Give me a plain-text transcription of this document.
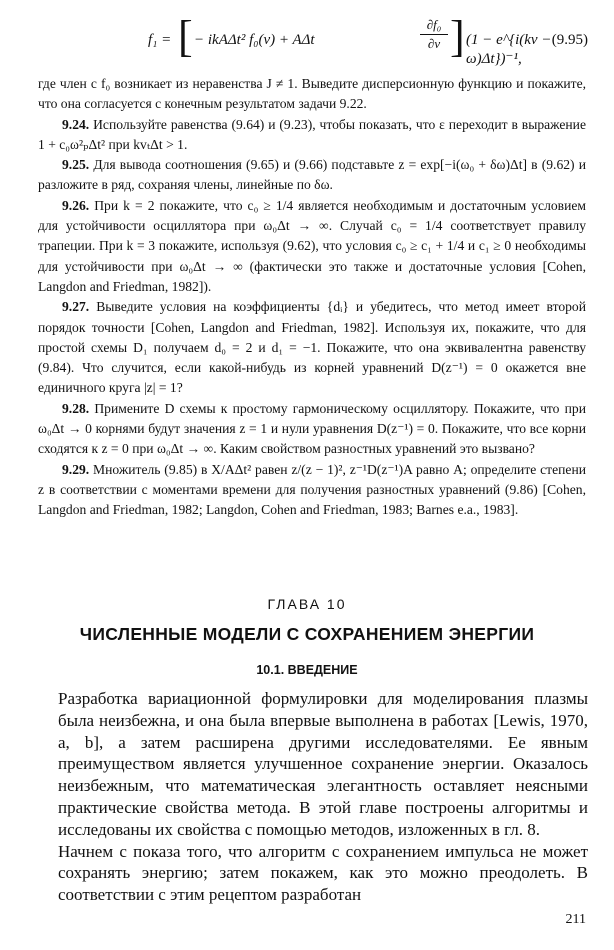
f₁ = [ − ikAΔt² f₀(v) + AΔt	$\frac{\text{∂f₀}}{\partial v}$ ] (1 − e^{i(kv − ω)Δt})⁻¹,
(9.95)

где член с f₀ возникает из неравенства J ≠ 1. Выведите дисперсионную функцию и покажите, что она согласуется с конечным результатом задачи 9.22.

9.24. Используйте равенства (9.64) и (9.23), чтобы показать, что ε переходит в выражение 1 + c₀ω²ₚΔt² при kvₜΔt > 1.

9.25. Для вывода соотношения (9.65) и (9.66) подставьте z = exp[−i(ω₀ + δω)Δt] в (9.62) и разложите в ряд, сохраняя члены, линейные по δω.

9.26. При k = 2 покажите, что c₀ ≥ 1/4 является необходимым и достаточным условием для устойчивости осциллятора при ω₀Δt → ∞. Случай c₀ = 1/4 соответствует правилу трапеции. При k = 3 покажите, используя (9.62), что условия c₀ ≥ c₁ + 1/4 и c₁ ≥ 0 необходимы для устойчивости при ω₀Δt → ∞ (фактически это также и достаточные условия [Cohen, Langdon and Friedman, 1982]).

9.27. Выведите условия на коэффициенты {dᵢ} и убедитесь, что метод имеет второй порядок точности [Cohen, Langdon and Friedman, 1982]. Используя их, покажите, что для простой схемы D₁ получаем d₀ = 2 и d₁ = −1. Покажите, что она эквивалентна равенству (9.84). Что случится, если какой-нибудь из корней уравнений D(z⁻¹) = 0 окажется вне единичного круга |z| = 1?

9.28. Примените D схемы к простому гармоническому осциллятору. Покажите, что при ω₀Δt → 0 корнями будут значения z = 1 и нули уравнения D(z⁻¹) = 0. Покажите, что все корни сходятся к z = 0 при ω₀Δt → ∞. Каким свойством разностных уравнений это вызвано?

9.29. Множитель (9.85) в X/AΔt² равен z/(z − 1)², z⁻¹D(z⁻¹)A равно A; определите степени z в соответствии с моментами времени для получения разностных уравнений (9.86) [Cohen, Langdon and Friedman, 1982; Langdon, Cohen and Friedman, 1983; Barnes e.a., 1983].

ГЛАВА 10
ЧИСЛЕННЫЕ МОДЕЛИ С СОХРАНЕНИЕМ ЭНЕРГИИ
10.1. ВВЕДЕНИЕ

Разработка вариационной формулировки для моделирования плазмы была неизбежна, и она была впервые выполнена в работах [Lewis, 1970, a, b], а затем расширена другими исследователями. Ее явным преимуществом является улучшенное сохранение энергии. Оказалось неизбежным, что математическая элегантность оставляет неясными практические свойства метода. В этой главе построены алгоритмы и исследованы их свойства с помощью методов, изложенных в гл. 8.

Начнем с показа того, что алгоритм с сохранением импульса не может сохранять энергию; затем покажем, как это можно преодолеть. В соответствии с этим рецептом разработан

211
